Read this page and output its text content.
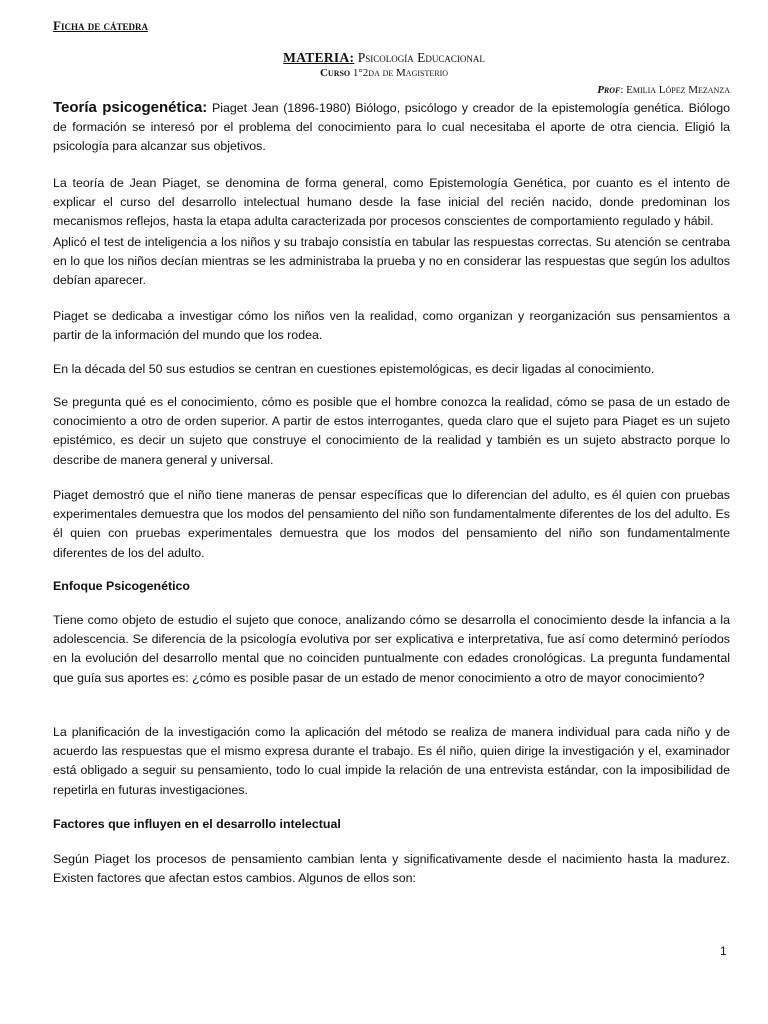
Ficha de cátedra
MATERIA: Psicología Educacional
Curso 1°2da de Magisterio
Prof: Emilia López Mezanza

Teoría psicogenética: Piaget Jean (1896-1980) Biólogo, psicólogo y creador de la epistemología genética. Biólogo de formación se interesó por el problema del conocimiento para lo cual necesitaba el aporte de otra ciencia. Eligió la psicología para alcanzar sus objetivos.

La teoría de Jean Piaget, se denomina de forma general, como Epistemología Genética, por cuanto es el intento de explicar el curso del desarrollo intelectual humano desde la fase inicial del recién nacido, donde predominan los mecanismos reflejos, hasta la etapa adulta caracterizada por procesos conscientes de comportamiento regulado y hábil.

Aplicó el test de inteligencia a los niños y su trabajo consistía en tabular las respuestas correctas. Su atención se centraba en lo que los niños decían mientras se les administraba la prueba y no en considerar las respuestas que según los adultos debían aparecer.

Piaget se dedicaba a investigar cómo los niños ven la realidad, como organizan y reorganización sus pensamientos a partir de la información del mundo que los rodea.

En la década del 50 sus estudios se centran en cuestiones epistemológicas, es decir ligadas al conocimiento.

Se pregunta qué es el conocimiento, cómo es posible que el hombre conozca la realidad, cómo se pasa de un estado de conocimiento a otro de orden superior. A partir de estos interrogantes, queda claro que el sujeto para Piaget es un sujeto epistémico, es decir un sujeto que construye el conocimiento de la realidad y también es un sujeto abstracto porque lo describe de manera general y universal.

Piaget demostró que el niño tiene maneras de pensar específicas que lo diferencian del adulto, es él quien con pruebas experimentales demuestra que los modos del pensamiento del niño son fundamentalmente diferentes de los del adulto. Es él quien con pruebas experimentales demuestra que los modos del pensamiento del niño son fundamentalmente diferentes de los del adulto.

Enfoque Psicogenético

Tiene como objeto de estudio el sujeto que conoce, analizando cómo se desarrolla el conocimiento desde la infancia a la adolescencia. Se diferencia de la psicología evolutiva por ser explicativa e interpretativa, fue así como determinó períodos en la evolución del desarrollo mental que no coinciden puntualmente con edades cronológicas. La pregunta fundamental que guía sus aportes es: ¿cómo es posible pasar de un estado de menor conocimiento a otro de mayor conocimiento?

La planificación de la investigación como la aplicación del método se realiza de manera individual para cada niño y de acuerdo las respuestas que el mismo expresa durante el trabajo. Es él niño, quien dirige la investigación y el, examinador está obligado a seguir su pensamiento, todo lo cual impide la relación de una entrevista estándar, con la imposibilidad de repetirla en futuras investigaciones.

Factores que influyen en el desarrollo intelectual

Según Piaget los procesos de pensamiento cambian lenta y significativamente desde el nacimiento hasta la madurez. Existen factores que afectan estos cambios. Algunos de ellos son:

1
